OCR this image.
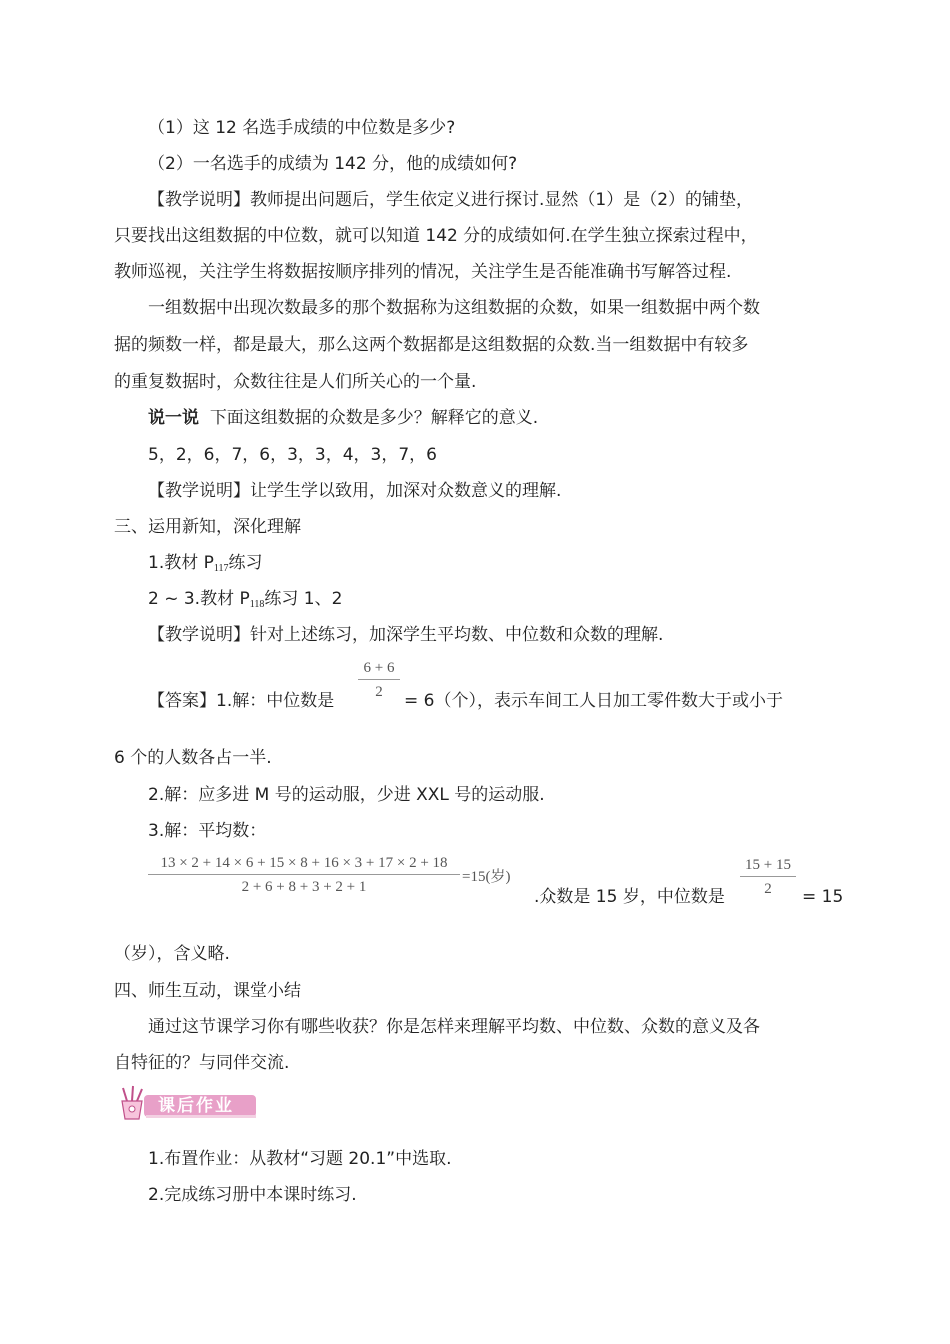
（1）这 12 名选手成绩的中位数是多少?
（2）一名选手的成绩为 142 分，他的成绩如何?
【教学说明】教师提出问题后，学生依定义进行探讨.显然（1）是（2）的铺垫，
只要找出这组数据的中位数，就可以知道 142 分的成绩如何.在学生独立探索过程中，
教师巡视，关注学生将数据按顺序排列的情况，关注学生是否能准确书写解答过程.
一组数据中出现次数最多的那个数据称为这组数据的众数，如果一组数据中两个数
据的频数一样，都是最大，那么这两个数据都是这组数据的众数.当一组数据中有较多
的重复数据时，众数往往是人们所关心的一个量.
说一说 下面这组数据的众数是多少？解释它的意义.
5，2，6，7，6，3，3，4，3，7，6
【教学说明】让学生学以致用，加深对众数意义的理解.
三、运用新知，深化理解
1.教材 $P_{117}$练习
2 ~ 3.教材 $P_{118}$练习 1、2
【教学说明】针对上述练习，加深学生平均数、中位数和众数的理解.
【答案】1.解：中位数是
6 + 6
2	= 6（个），表示车间工人日加工零件数大于或小于
6 个的人数各占一半.
2.解：应多进 M 号的运动服，少进 XXL 号的运动服.
3.解：平均数：
13 × 2 + 14 × 6 + 15 × 8 + 16 × 3 + 17 × 2 + 18
2 + 6 + 8 + 3 + 2 + 1
=15(岁)
.众数是 15 岁，中位数是
15 + 15
2	= 15
（岁），含义略.
四、师生互动，课堂小结
通过这节课学习你有哪些收获？你是怎样来理解平均数、中位数、众数的意义及各
自特征的？与同伴交流.
课后作业
1.布置作业：从教材“习题 20.1”中选取.
2.完成练习册中本课时练习.
